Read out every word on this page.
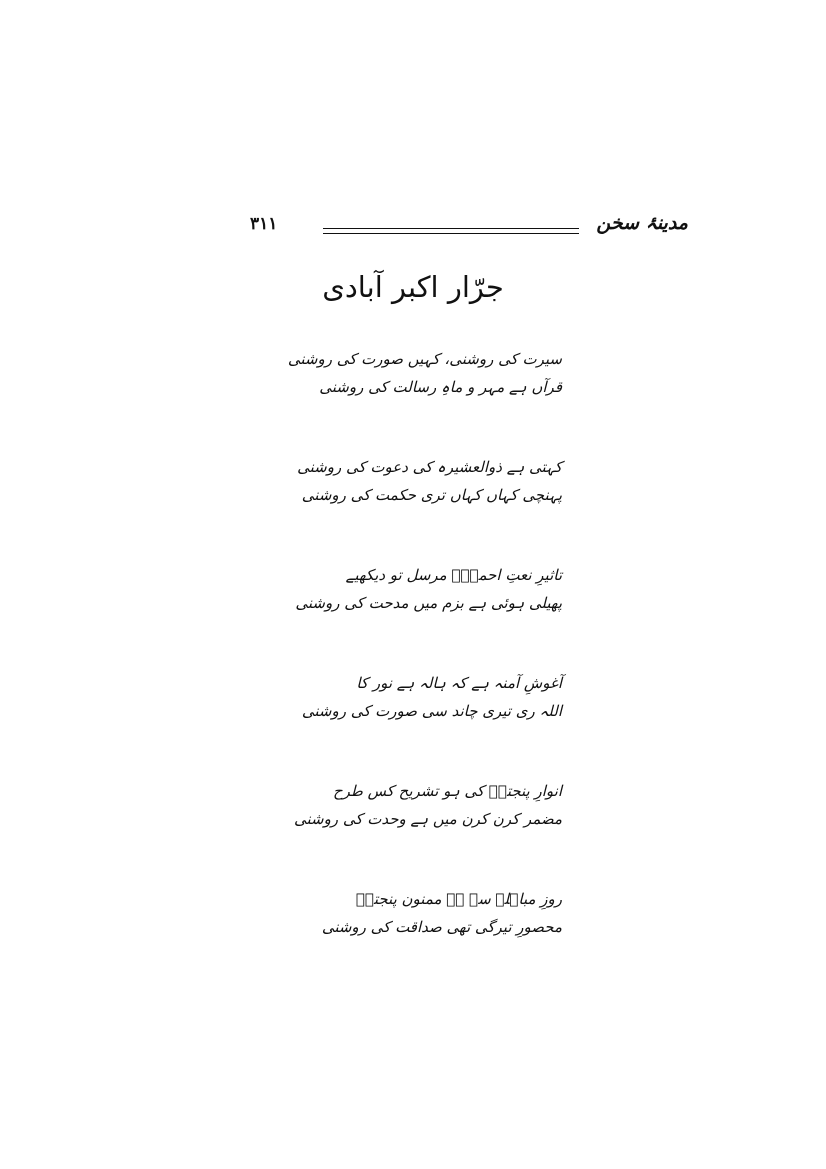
۳۱۱	مدینۂ سخن
جرّار اکبر آبادی
سیرت کی روشنی، کہیں صورت کی روشنی
قرآں ہے مہر و ماہِ رسالت کی روشنی
کہتی ہے ذوالعشیرہ کی دعوت کی روشنی
پہنچی کہاں کہاں تری حکمت کی روشنی
تاثیرِ نعتِ احمدِؐ مرسل تو دیکھیے
پھیلی ہوئی ہے بزم میں مدحت کی روشنی
آغوشِ آمنہ ہے کہ ہالہ ہے نور کا
اللہ ری تیری چاند سی صورت کی روشنی
انوارِ پنجتنؑ کی ہو تشریح کس طرح
مضمر کرن کرن میں ہے وحدت کی روشنی
روزِ مباہلہ سے ہے ممنون پنجتنؑ
محصورِ تیرگی تھی صداقت کی روشنی
